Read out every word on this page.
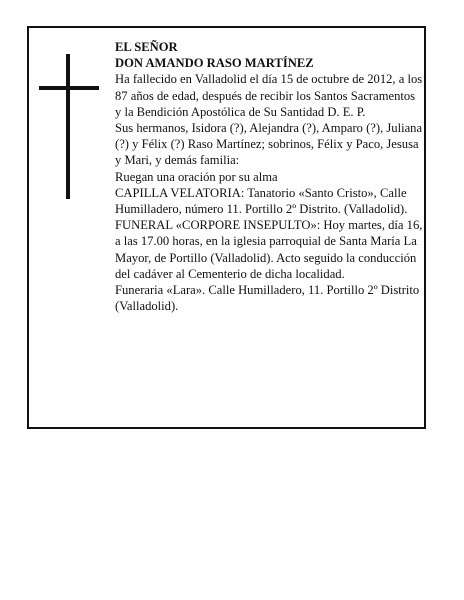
EL SEÑOR

DON AMANDO RASO MARTÍNEZ

Ha fallecido en Valladolid el día 15 de octubre de 2012, a los 87 años de edad, después de recibir los Santos Sacramentos y la Bendición Apostólica de Su Santidad D. E. P.

Sus hermanos, Isidora (?), Alejandra (?), Amparo (?), Juliana (?) y Félix (?) Raso Martínez; sobrinos, Félix y Paco, Jesusa y Mari, y demás familia:

Ruegan una oración por su alma

CAPILLA VELATORIA: Tanatorio «Santo Cristo», Calle Humilladero, número 11. Portillo 2º Distrito. (Valladolid).

FUNERAL «CORPORE INSEPULTO»: Hoy martes, día 16, a las 17.00 horas, en la iglesia parroquial de Santa María La Mayor, de Portillo (Valladolid). Acto seguido la conducción del cadáver al Cementerio de dicha localidad.

Funeraria «Lara». Calle Humilladero, 11. Portillo 2º Distrito (Valladolid).
